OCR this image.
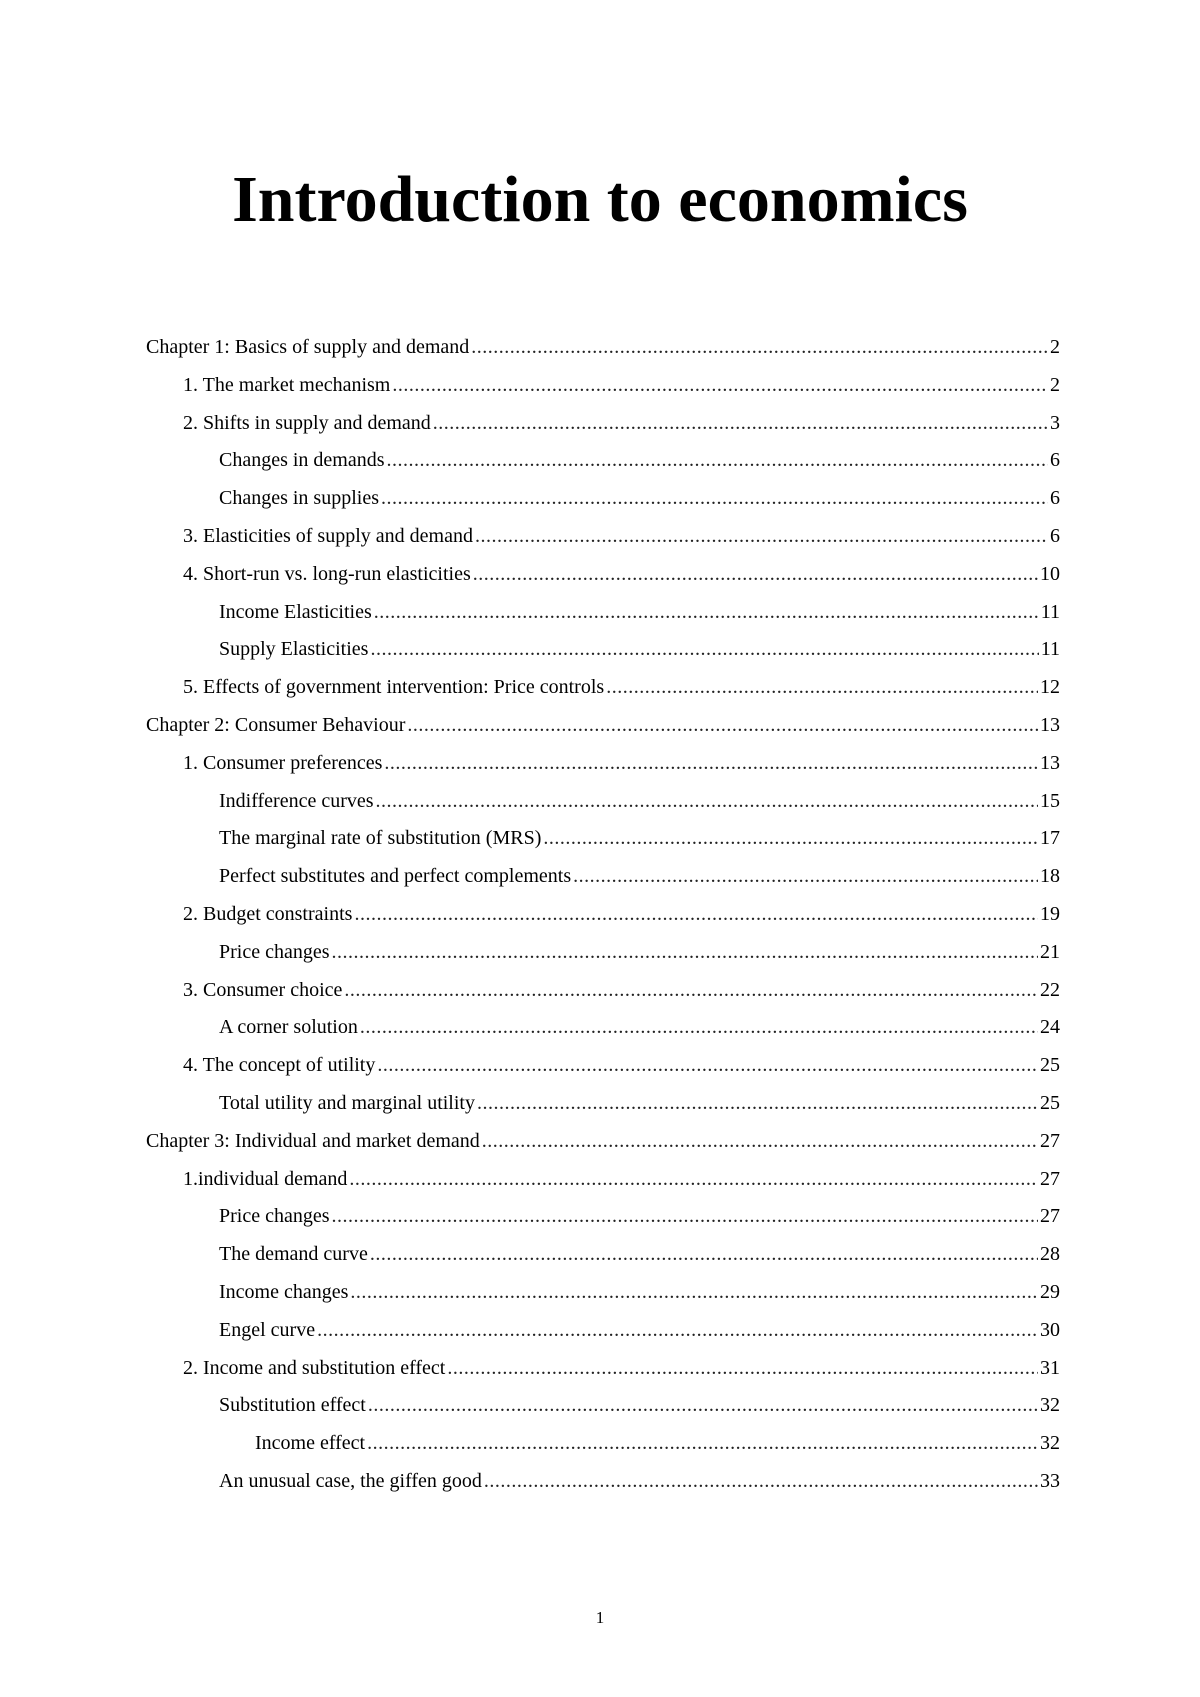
Introduction to economics
Chapter 1: Basics of supply and demand .....	2
1. The market mechanism .....	2
2. Shifts in supply and demand .....	3
Changes in demands .....	6
Changes in supplies .....	6
3. Elasticities of supply and demand .....	6
4. Short-run vs. long-run elasticities .....	10
Income Elasticities .....	11
Supply Elasticities .....	11
5. Effects of government intervention: Price controls .....	12
Chapter 2: Consumer Behaviour .....	13
1. Consumer preferences .....	13
Indifference curves .....	15
The marginal rate of substitution (MRS) .....	17
Perfect substitutes and perfect complements .....	18
2. Budget constraints .....	19
Price changes .....	21
3. Consumer choice .....	22
A corner solution .....	24
4. The concept of utility .....	25
Total utility and marginal utility .....	25
Chapter 3: Individual and market demand .....	27
1.individual demand .....	27
Price changes .....	27
The demand curve .....	28
Income changes .....	29
Engel curve .....	30
2. Income and substitution effect .....	31
Substitution effect .....	32
Income effect .....	32
An unusual case, the giffen good .....	33
1
